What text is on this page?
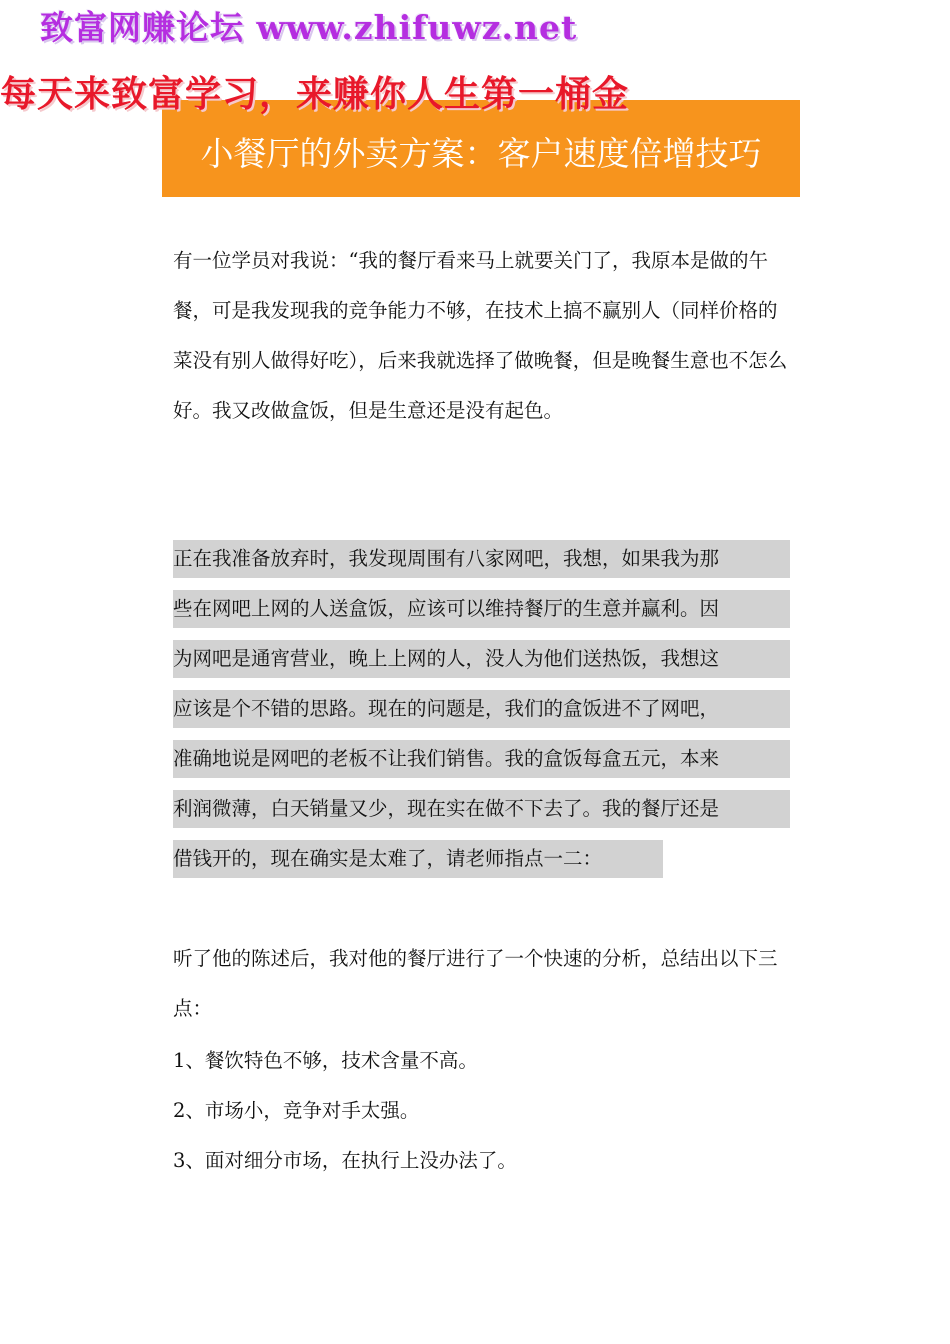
致富网赚论坛 www.zhifuwz.net
每天来致富学习，来赚你人生第一桶金
小餐厅的外卖方案：客户速度倍增技巧

有一位学员对我说：“我的餐厅看来马上就要关门了，我原本是做的午餐，可是我发现我的竞争能力不够，在技术上搞不赢别人（同样价格的菜没有别人做得好吃），后来我就选择了做晚餐，但是晚餐生意也不怎么好。我又改做盒饭，但是生意还是没有起色。

正在我准备放弃时，我发现周围有八家网吧，我想，如果我为那
些在网吧上网的人送盒饭，应该可以维持餐厅的生意并赢利。因
为网吧是通宵营业，晚上上网的人，没人为他们送热饭，我想这
应该是个不错的思路。现在的问题是，我们的盒饭进不了网吧，
准确地说是网吧的老板不让我们销售。我的盒饭每盒五元，本来
利润微薄，白天销量又少，现在实在做不下去了。我的餐厅还是
借钱开的，现在确实是太难了，请老师指点一二：

听了他的陈述后，我对他的餐厅进行了一个快速的分析，总结出以下三点：

1、餐饮特色不够，技术含量不高。
2、市场小，竞争对手太强。
3、面对细分市场，在执行上没办法了。
